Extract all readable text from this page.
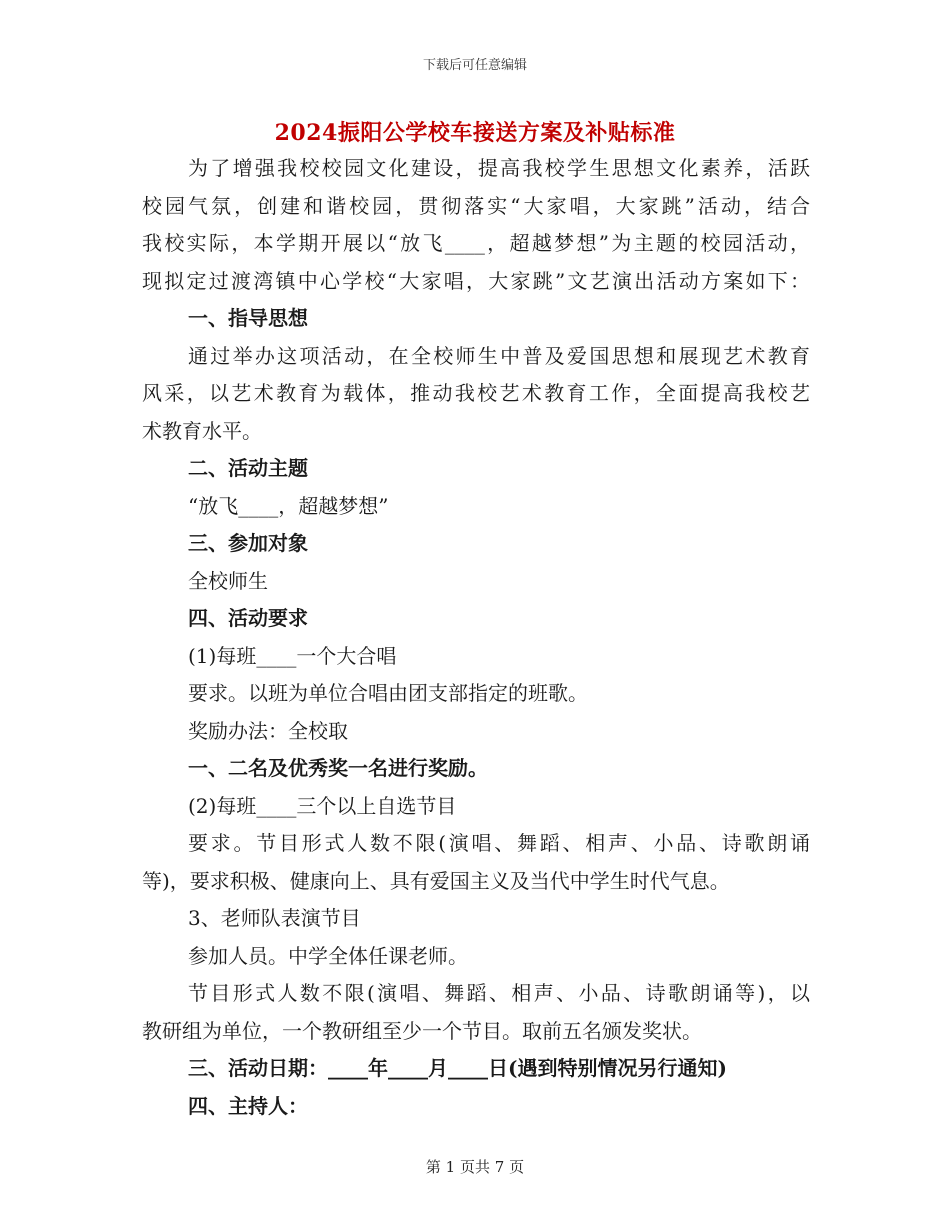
下载后可任意编辑
2024振阳公学校车接送方案及补贴标准
为了增强我校校园文化建设，提高我校学生思想文化素养，活跃
校园气氛，创建和谐校园，贯彻落实“大家唱，大家跳”活动，结合
我校实际，本学期开展以“放飞____，超越梦想”为主题的校园活动，
现拟定过渡湾镇中心学校“大家唱，大家跳”文艺演出活动方案如下：
一、指导思想
通过举办这项活动，在全校师生中普及爱国思想和展现艺术教育
风采，以艺术教育为载体，推动我校艺术教育工作，全面提高我校艺
术教育水平。
二、活动主题
“放飞____，超越梦想”
三、参加对象
全校师生
四、活动要求
(1)每班____一个大合唱
要求。以班为单位合唱由团支部指定的班歌。
奖励办法：全校取
一、二名及优秀奖一名进行奖励。
(2)每班____三个以上自选节目
要求。节目形式人数不限(演唱、舞蹈、相声、小品、诗歌朗诵
等)，要求积极、健康向上、具有爱国主义及当代中学生时代气息。
3、老师队表演节目
参加人员。中学全体任课老师。
节目形式人数不限(演唱、舞蹈、相声、小品、诗歌朗诵等)，以
教研组为单位，一个教研组至少一个节目。取前五名颁发奖状。
三、活动日期：____年____月____日(遇到特别情况另行通知)
四、主持人：
第 1 页共 7 页
